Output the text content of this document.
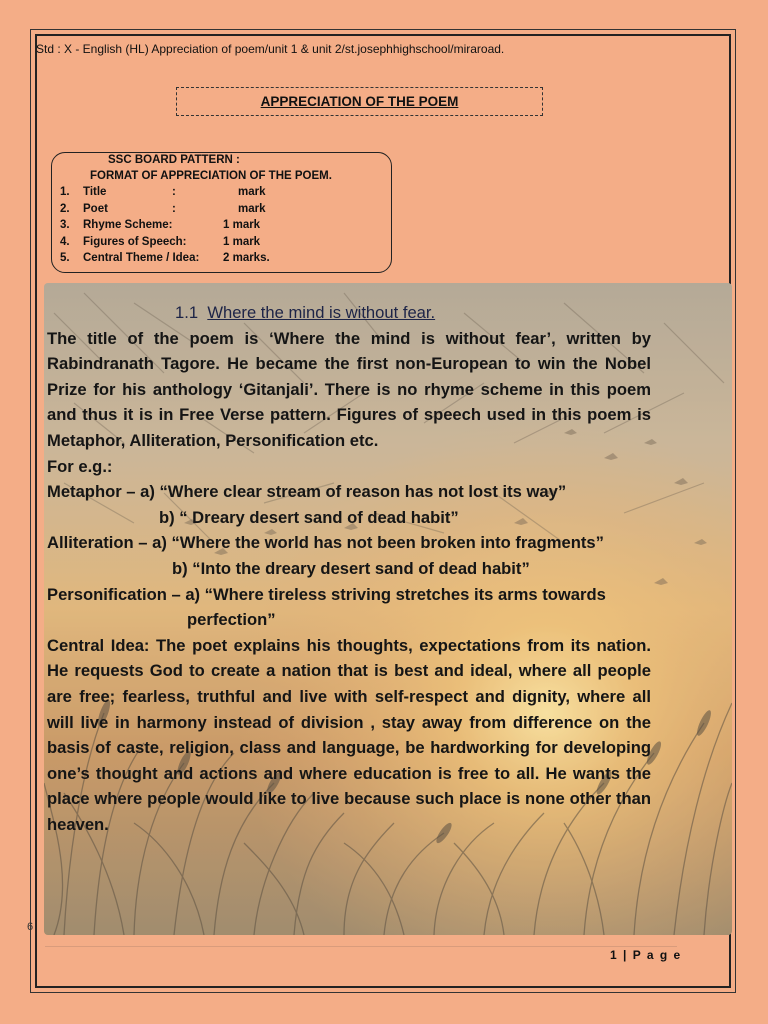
Std : X - English (HL) Appreciation of poem/unit 1 & unit 2/st.josephhighschool/miraroad.
APPRECIATION OF THE POEM
SSC BOARD PATTERN :
FORMAT OF APPRECIATION OF THE POEM.
1. Title	:	mark
2. Poet	:	mark
3. Rhyme Scheme:	1 mark
4. Figures of Speech:	1 mark
5. Central Theme / Idea: 2 marks.

1.1 Where the mind is without fear.

The title of the poem is ‘Where the mind is without fear’, written by Rabindranath Tagore. He became the first non-European to win the Nobel Prize for his anthology ‘Gitanjali’. There is no rhyme scheme in this poem and thus it is in Free Verse pattern. Figures of speech used in this poem is Metaphor, Alliteration, Personification etc.

For e.g.:

Metaphor – a) “Where clear stream of reason has not lost its way”

b) “ Dreary desert sand of dead habit”

Alliteration – a) “Where the world has not been broken into fragments”

b) “Into the dreary desert sand of dead habit”

Personification – a) “Where tireless striving stretches its arms towards

perfection”

Central Idea: The poet explains his thoughts, expectations from its nation. He requests God to create a nation that is best and ideal, where all people are free; fearless, truthful and live with self-respect and dignity, where all will live in harmony instead of division , stay away from difference on the basis of caste, religion, class and language, be hardworking for developing one’s thought and actions and where education is free to all. He wants the place where people would like to live because such place is none other than heaven.

6
1 | P a g e
